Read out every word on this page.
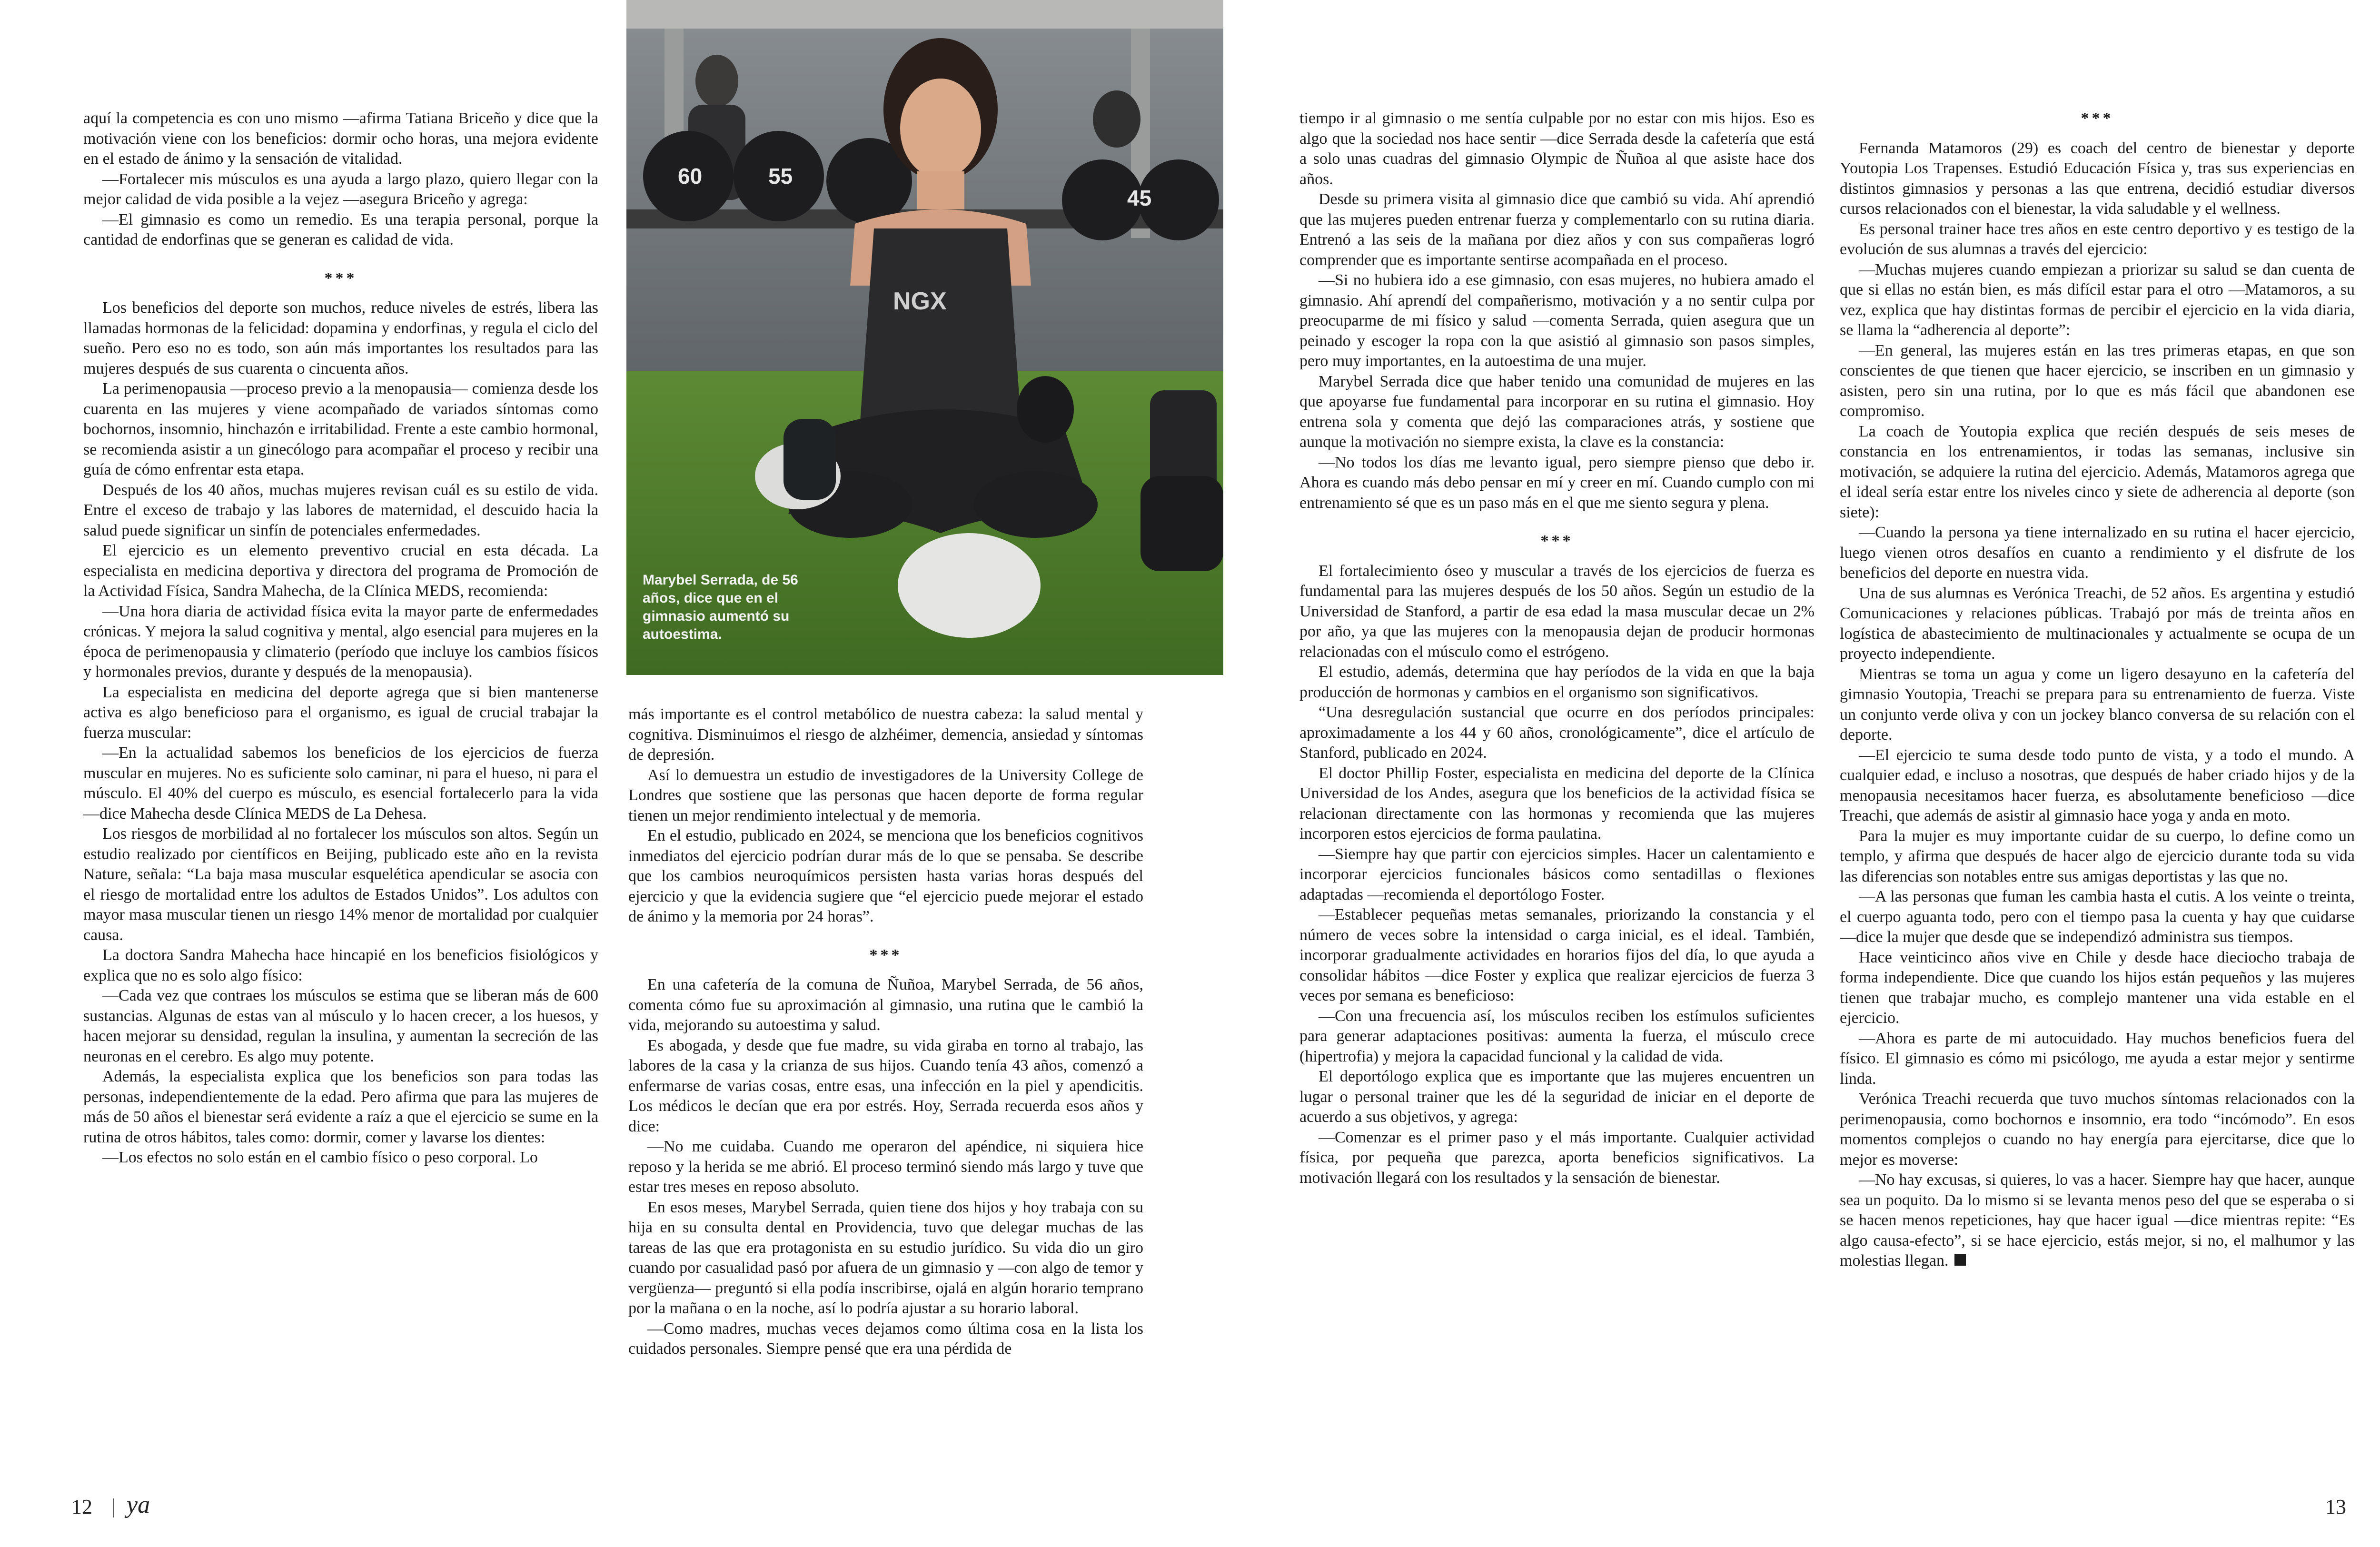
60	55
45
NGX
Marybel Serrada, de 56 años, dice que en el gimnasio aumentó su autoestima.

aquí la competencia es con uno mismo —afirma Tatiana Briceño y dice que la motivación viene con los beneficios: dormir ocho horas, una mejora evidente en el estado de ánimo y la sensación de vitalidad.

—Fortalecer mis músculos es una ayuda a largo plazo, quiero llegar con la mejor calidad de vida posible a la vejez —asegura Briceño y agrega:

—El gimnasio es como un remedio. Es una terapia personal, porque la cantidad de endorfinas que se generan es calidad de vida.

***

Los beneficios del deporte son muchos, reduce niveles de estrés, libera las llamadas hormonas de la felicidad: dopamina y endorfinas, y regula el ciclo del sueño. Pero eso no es todo, son aún más importantes los resultados para las mujeres después de sus cuarenta o cincuenta años.

La perimenopausia —proceso previo a la menopausia— comienza desde los cuarenta en las mujeres y viene acompañado de variados síntomas como bochornos, insomnio, hinchazón e irritabilidad. Frente a este cambio hormonal, se recomienda asistir a un ginecólogo para acompañar el proceso y recibir una guía de cómo enfrentar esta etapa.

Después de los 40 años, muchas mujeres revisan cuál es su estilo de vida. Entre el exceso de trabajo y las labores de maternidad, el descuido hacia la salud puede significar un sinfín de potenciales enfermedades.

El ejercicio es un elemento preventivo crucial en esta década. La especialista en medicina deportiva y directora del programa de Promoción de la Actividad Física, Sandra Mahecha, de la Clínica MEDS, recomienda:

—Una hora diaria de actividad física evita la mayor parte de enfermedades crónicas. Y mejora la salud cognitiva y mental, algo esencial para mujeres en la época de perimenopausia y climaterio (período que incluye los cambios físicos y hormonales previos, durante y después de la menopausia).

La especialista en medicina del deporte agrega que si bien mantenerse activa es algo beneficioso para el organismo, es igual de crucial trabajar la fuerza muscular:

—En la actualidad sabemos los beneficios de los ejercicios de fuerza muscular en mujeres. No es suficiente solo caminar, ni para el hueso, ni para el músculo. El 40% del cuerpo es músculo, es esencial fortalecerlo para la vida —dice Mahecha desde Clínica MEDS de La Dehesa.

Los riesgos de morbilidad al no fortalecer los músculos son altos. Según un estudio realizado por científicos en Beijing, publicado este año en la revista Nature, señala: “La baja masa muscular esquelética apendicular se asocia con el riesgo de mortalidad entre los adultos de Estados Unidos”. Los adultos con mayor masa muscular tienen un riesgo 14% menor de mortalidad por cualquier causa.

La doctora Sandra Mahecha hace hincapié en los beneficios fisiológicos y explica que no es solo algo físico:

—Cada vez que contraes los músculos se estima que se liberan más de 600 sustancias. Algunas de estas van al músculo y lo hacen crecer, a los huesos, y hacen mejorar su densidad, regulan la insulina, y aumentan la secreción de las neuronas en el cerebro. Es algo muy potente.

Además, la especialista explica que los beneficios son para todas las personas, independientemente de la edad. Pero afirma que para las mujeres de más de 50 años el bienestar será evidente a raíz a que el ejercicio se sume en la rutina de otros hábitos, tales como: dormir, comer y lavarse los dientes:

—Los efectos no solo están en el cambio físico o peso corporal. Lo

más importante es el control metabólico de nuestra cabeza: la salud mental y cognitiva. Disminuimos el riesgo de alzhéimer, demencia, ansiedad y síntomas de depresión.

Así lo demuestra un estudio de investigadores de la University College de Londres que sostiene que las personas que hacen deporte de forma regular tienen un mejor rendimiento intelectual y de memoria.

En el estudio, publicado en 2024, se menciona que los beneficios cognitivos inmediatos del ejercicio podrían durar más de lo que se pensaba. Se describe que los cambios neuroquímicos persisten hasta varias horas después del ejercicio y que la evidencia sugiere que “el ejercicio puede mejorar el estado de ánimo y la memoria por 24 horas”.

***

En una cafetería de la comuna de Ñuñoa, Marybel Serrada, de 56 años, comenta cómo fue su aproximación al gimnasio, una rutina que le cambió la vida, mejorando su autoestima y salud.

Es abogada, y desde que fue madre, su vida giraba en torno al trabajo, las labores de la casa y la crianza de sus hijos. Cuando tenía 43 años, comenzó a enfermarse de varias cosas, entre esas, una infección en la piel y apendicitis. Los médicos le decían que era por estrés. Hoy, Serrada recuerda esos años y dice:

—No me cuidaba. Cuando me operaron del apéndice, ni siquiera hice reposo y la herida se me abrió. El proceso terminó siendo más largo y tuve que estar tres meses en reposo absoluto.

En esos meses, Marybel Serrada, quien tiene dos hijos y hoy trabaja con su hija en su consulta dental en Providencia, tuvo que delegar muchas de las tareas de las que era protagonista en su estudio jurídico. Su vida dio un giro cuando por casualidad pasó por afuera de un gimnasio y —con algo de temor y vergüenza— preguntó si ella podía inscribirse, ojalá en algún horario temprano por la mañana o en la noche, así lo podría ajustar a su horario laboral.

—Como madres, muchas veces dejamos como última cosa en la lista los cuidados personales. Siempre pensé que era una pérdida de

tiempo ir al gimnasio o me sentía culpable por no estar con mis hijos. Eso es algo que la sociedad nos hace sentir —dice Serrada desde la cafetería que está a solo unas cuadras del gimnasio Olympic de Ñuñoa al que asiste hace dos años.

Desde su primera visita al gimnasio dice que cambió su vida. Ahí aprendió que las mujeres pueden entrenar fuerza y complementarlo con su rutina diaria. Entrenó a las seis de la mañana por diez años y con sus compañeras logró comprender que es importante sentirse acompañada en el proceso.

—Si no hubiera ido a ese gimnasio, con esas mujeres, no hubiera amado el gimnasio. Ahí aprendí del compañerismo, motivación y a no sentir culpa por preocuparme de mi físico y salud —comenta Serrada, quien asegura que un peinado y escoger la ropa con la que asistió al gimnasio son pasos simples, pero muy importantes, en la autoestima de una mujer.

Marybel Serrada dice que haber tenido una comunidad de mujeres en las que apoyarse fue fundamental para incorporar en su rutina el gimnasio. Hoy entrena sola y comenta que dejó las comparaciones atrás, y sostiene que aunque la motivación no siempre exista, la clave es la constancia:

—No todos los días me levanto igual, pero siempre pienso que debo ir. Ahora es cuando más debo pensar en mí y creer en mí. Cuando cumplo con mi entrenamiento sé que es un paso más en el que me siento segura y plena.

***

El fortalecimiento óseo y muscular a través de los ejercicios de fuerza es fundamental para las mujeres después de los 50 años. Según un estudio de la Universidad de Stanford, a partir de esa edad la masa muscular decae un 2% por año, ya que las mujeres con la menopausia dejan de producir hormonas relacionadas con el músculo como el estrógeno.

El estudio, además, determina que hay períodos de la vida en que la baja producción de hormonas y cambios en el organismo son significativos.

“Una desregulación sustancial que ocurre en dos períodos principales: aproximadamente a los 44 y 60 años, cronológicamente”, dice el artículo de Stanford, publicado en 2024.

El doctor Phillip Foster, especialista en medicina del deporte de la Clínica Universidad de los Andes, asegura que los beneficios de la actividad física se relacionan directamente con las hormonas y recomienda que las mujeres incorporen estos ejercicios de forma paulatina.

—Siempre hay que partir con ejercicios simples. Hacer un calentamiento e incorporar ejercicios funcionales básicos como sentadillas o flexiones adaptadas —recomienda el deportólogo Foster.

—Establecer pequeñas metas semanales, priorizando la constancia y el número de veces sobre la intensidad o carga inicial, es el ideal. También, incorporar gradualmente actividades en horarios fijos del día, lo que ayuda a consolidar hábitos —dice Foster y explica que realizar ejercicios de fuerza 3 veces por semana es beneficioso:

—Con una frecuencia así, los músculos reciben los estímulos suficientes para generar adaptaciones positivas: aumenta la fuerza, el músculo crece (hipertrofia) y mejora la capacidad funcional y la calidad de vida.

El deportólogo explica que es importante que las mujeres encuentren un lugar o personal trainer que les dé la seguridad de iniciar en el deporte de acuerdo a sus objetivos, y agrega:

—Comenzar es el primer paso y el más importante. Cualquier actividad física, por pequeña que parezca, aporta beneficios significativos. La motivación llegará con los resultados y la sensación de bienestar.

***

Fernanda Matamoros (29) es coach del centro de bienestar y deporte Youtopia Los Trapenses. Estudió Educación Física y, tras sus experiencias en distintos gimnasios y personas a las que entrena, decidió estudiar diversos cursos relacionados con el bienestar, la vida saludable y el wellness.

Es personal trainer hace tres años en este centro deportivo y es testigo de la evolución de sus alumnas a través del ejercicio:

—Muchas mujeres cuando empiezan a priorizar su salud se dan cuenta de que si ellas no están bien, es más difícil estar para el otro —Matamoros, a su vez, explica que hay distintas formas de percibir el ejercicio en la vida diaria, se llama la “adherencia al deporte”:

—En general, las mujeres están en las tres primeras etapas, en que son conscientes de que tienen que hacer ejercicio, se inscriben en un gimnasio y asisten, pero sin una rutina, por lo que es más fácil que abandonen ese compromiso.

La coach de Youtopia explica que recién después de seis meses de constancia en los entrenamientos, ir todas las semanas, inclusive sin motivación, se adquiere la rutina del ejercicio. Además, Matamoros agrega que el ideal sería estar entre los niveles cinco y siete de adherencia al deporte (son siete):

—Cuando la persona ya tiene internalizado en su rutina el hacer ejercicio, luego vienen otros desafíos en cuanto a rendimiento y el disfrute de los beneficios del deporte en nuestra vida.

Una de sus alumnas es Verónica Treachi, de 52 años. Es argentina y estudió Comunicaciones y relaciones públicas. Trabajó por más de treinta años en logística de abastecimiento de multinacionales y actualmente se ocupa de un proyecto independiente.

Mientras se toma un agua y come un ligero desayuno en la cafetería del gimnasio Youtopia, Treachi se prepara para su entrenamiento de fuerza. Viste un conjunto verde oliva y con un jockey blanco conversa de su relación con el deporte.

—El ejercicio te suma desde todo punto de vista, y a todo el mundo. A cualquier edad, e incluso a nosotras, que después de haber criado hijos y de la menopausia necesitamos hacer fuerza, es absolutamente beneficioso —dice Treachi, que además de asistir al gimnasio hace yoga y anda en moto.

Para la mujer es muy importante cuidar de su cuerpo, lo define como un templo, y afirma que después de hacer algo de ejercicio durante toda su vida las diferencias son notables entre sus amigas deportistas y las que no.

—A las personas que fuman les cambia hasta el cutis. A los veinte o treinta, el cuerpo aguanta todo, pero con el tiempo pasa la cuenta y hay que cuidarse —dice la mujer que desde que se independizó administra sus tiempos.

Hace veinticinco años vive en Chile y desde hace dieciocho trabaja de forma independiente. Dice que cuando los hijos están pequeños y las mujeres tienen que trabajar mucho, es complejo mantener una vida estable en el ejercicio.

—Ahora es parte de mi autocuidado. Hay muchos beneficios fuera del físico. El gimnasio es cómo mi psicólogo, me ayuda a estar mejor y sentirme linda.

Verónica Treachi recuerda que tuvo muchos síntomas relacionados con la perimenopausia, como bochornos e insomnio, era todo “incómodo”. En esos momentos complejos o cuando no hay energía para ejercitarse, dice que lo mejor es moverse:

—No hay excusas, si quieres, lo vas a hacer. Siempre hay que hacer, aunque sea un poquito. Da lo mismo si se levanta menos peso del que se esperaba o si se hacen menos repeticiones, hay que hacer igual —dice mientras repite: “Es algo causa-efecto”, si se hace ejercicio, estás mejor, si no, el malhumor y las molestias llegan.

12 ya	13
